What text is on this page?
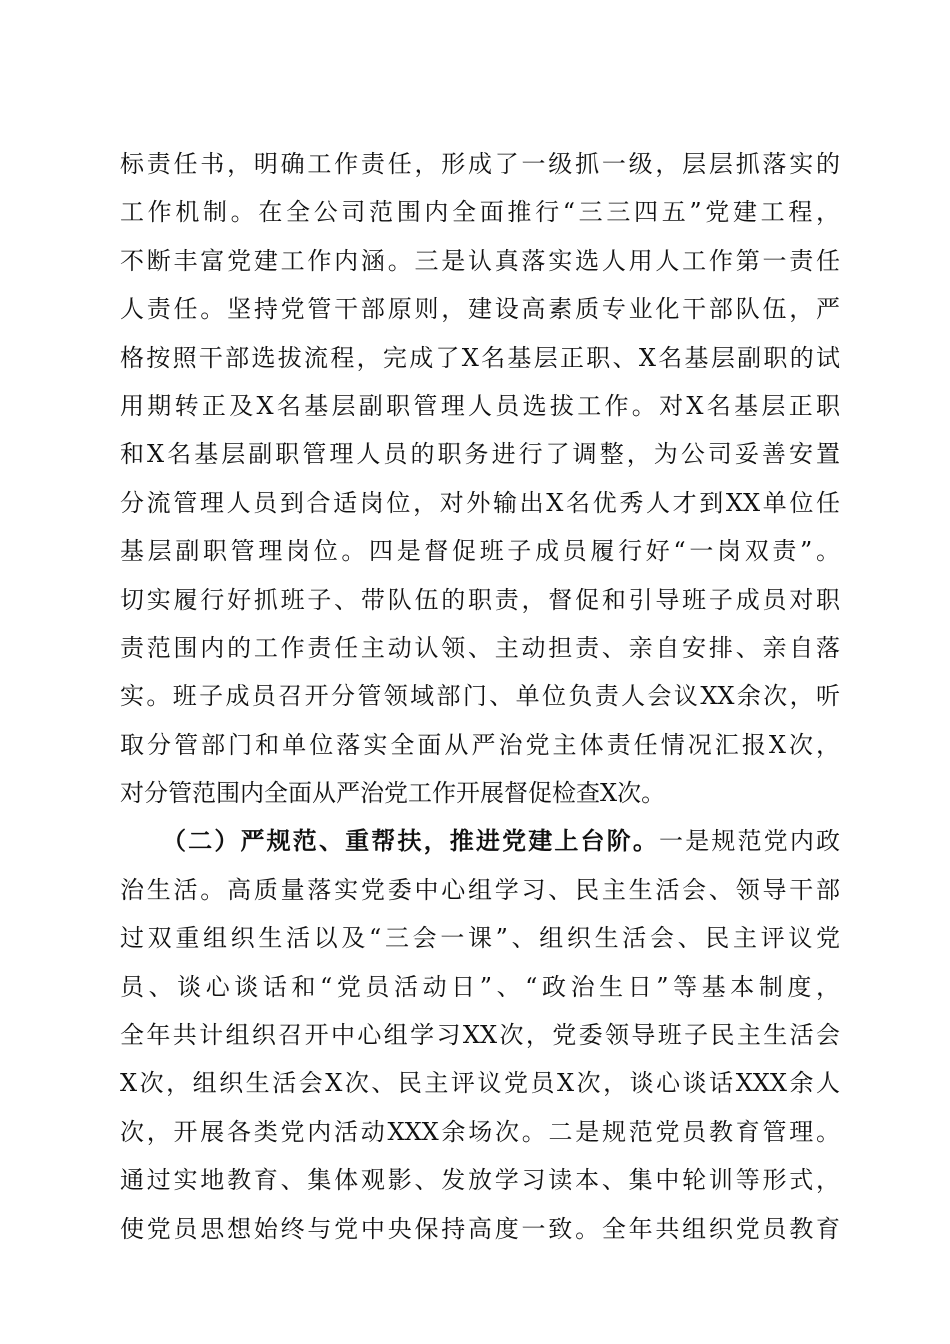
标责任书，明确工作责任，形成了一级抓一级，层层抓落实的
工作机制。在全公司范围内全面推行“三三四五”党建工程，
不断丰富党建工作内涵。三是认真落实选人用人工作第一责任
人责任。坚持党管干部原则，建设高素质专业化干部队伍，严
格按照干部选拔流程，完成了X名基层正职、X名基层副职的试
用期转正及X名基层副职管理人员选拔工作。对X名基层正职
和X名基层副职管理人员的职务进行了调整，为公司妥善安置
分流管理人员到合适岗位，对外输出X名优秀人才到XX单位任
基层副职管理岗位。四是督促班子成员履行好“一岗双责”。
切实履行好抓班子、带队伍的职责，督促和引导班子成员对职
责范围内的工作责任主动认领、主动担责、亲自安排、亲自落
实。班子成员召开分管领域部门、单位负责人会议XX余次，听
取分管部门和单位落实全面从严治党主体责任情况汇报X次，
对分管范围内全面从严治党工作开展督促检查X次。
（二）严规范、重帮扶，推进党建上台阶。一是规范党内政
治生活。高质量落实党委中心组学习、民主生活会、领导干部
过双重组织生活以及“三会一课”、组织生活会、民主评议党
员、谈心谈话和“党员活动日”、“政治生日”等基本制度，
全年共计组织召开中心组学习XX次，党委领导班子民主生活会
X次，组织生活会X次、民主评议党员X次，谈心谈话XXX余人
次，开展各类党内活动XXX余场次。二是规范党员教育管理。
通过实地教育、集体观影、发放学习读本、集中轮训等形式，
使党员思想始终与党中央保持高度一致。全年共组织党员教育
